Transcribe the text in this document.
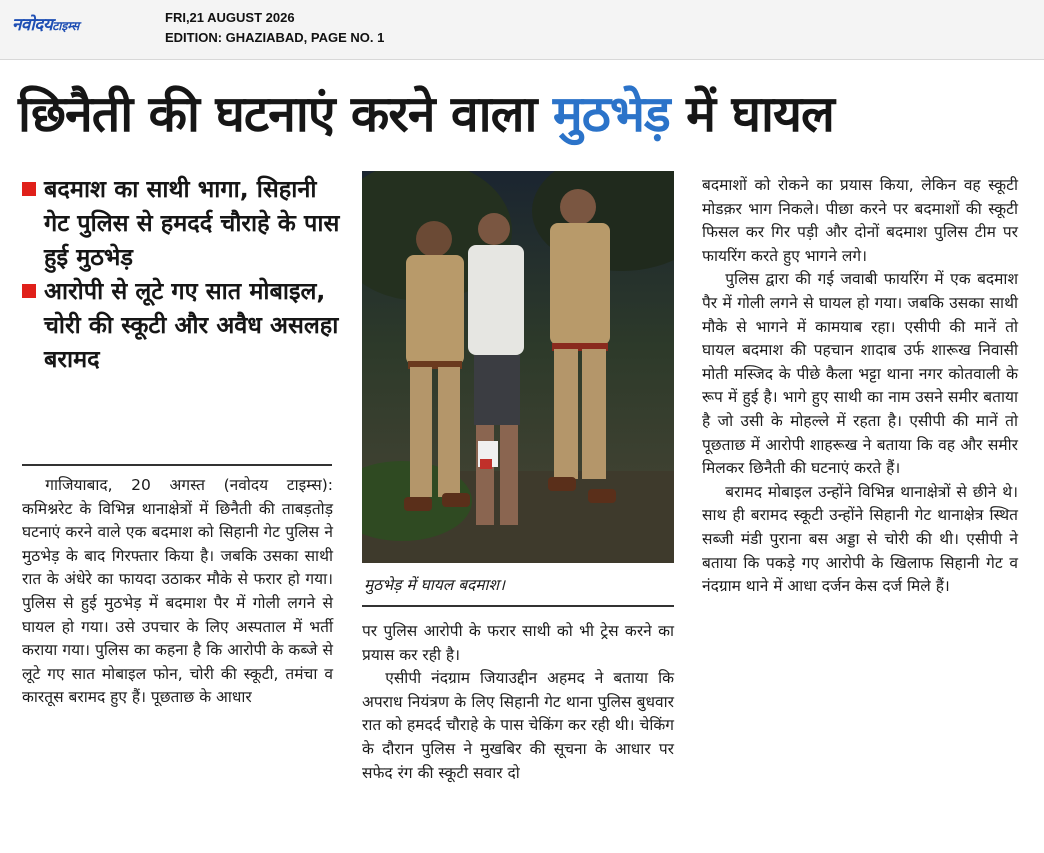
नवोदयटाइम्स
FRI,21 AUGUST 2026
EDITION: GHAZIABAD, PAGE NO. 1
छिनैती की घटनाएं करने वाला मुठभेड़ में घायल
बदमाश का साथी भागा, सिहानी गेट पुलिस से हमदर्द चौराहे के पास हुई मुठभेड़
आरोपी से लूटे गए सात मोबाइल, चोरी की स्कूटी और अवैध असलहा बरामद

गाजियाबाद, 20 अगस्त (नवोदय टाइम्स): कमिश्नरेट के विभिन्न थानाक्षेत्रों में छिनैती की ताबड़तोड़ घटनाएं करने वाले एक बदमाश को सिहानी गेट पुलिस ने मुठभेड़ के बाद गिरफ्तार किया है। जबकि उसका साथी रात के अंधेरे का फायदा उठाकर मौके से फरार हो गया। पुलिस से हुई मुठभेड़ में बदमाश पैर में गोली लगने से घायल हो गया। उसे उपचार के लिए अस्पताल में भर्ती कराया गया। पुलिस का कहना है कि आरोपी के कब्जे से लूटे गए सात मोबाइल फोन, चोरी की स्कूटी, तमंचा व कारतूस बरामद हुए हैं। पूछताछ के आधार

मुठभेड़ में घायल बदमाश।

पर पुलिस आरोपी के फरार साथी को भी ट्रेस करने का प्रयास कर रही है।

एसीपी नंदग्राम जियाउद्दीन अहमद ने बताया कि अपराध नियंत्रण के लिए सिहानी गेट थाना पुलिस बुधवार रात को हमदर्द चौराहे के पास चेकिंग कर रही थी। चेकिंग के दौरान पुलिस ने मुखबिर की सूचना के आधार पर सफेद रंग की स्कूटी सवार दो

बदमाशों को रोकने का प्रयास किया, लेकिन वह स्कूटी मोडक़र भाग निकले। पीछा करने पर बदमाशों की स्कूटी फिसल कर गिर पड़ी और दोनों बदमाश पुलिस टीम पर फायरिंग करते हुए भागने लगे।

पुलिस द्वारा की गई जवाबी फायरिंग में एक बदमाश पैर में गोली लगने से घायल हो गया। जबकि उसका साथी मौके से भागने में कामयाब रहा। एसीपी की मानें तो घायल बदमाश की पहचान शादाब उर्फ शारूख निवासी मोती मस्जिद के पीछे कैला भट्टा थाना नगर कोतवाली के रूप में हुई है। भागे हुए साथी का नाम उसने समीर बताया है जो उसी के मोहल्ले में रहता है। एसीपी की मानें तो पूछताछ में आरोपी शाहरूख ने बताया कि वह और समीर मिलकर छिनैती की घटनाएं करते हैं।

बरामद मोबाइल उन्होंने विभिन्न थानाक्षेत्रों से छीने थे। साथ ही बरामद स्कूटी उन्होंने सिहानी गेट थानाक्षेत्र स्थित सब्जी मंडी पुराना बस अड्डा से चोरी की थी। एसीपी ने बताया कि पकड़े गए आरोपी के खिलाफ सिहानी गेट व नंदग्राम थाने में आधा दर्जन केस दर्ज मिले हैं।
